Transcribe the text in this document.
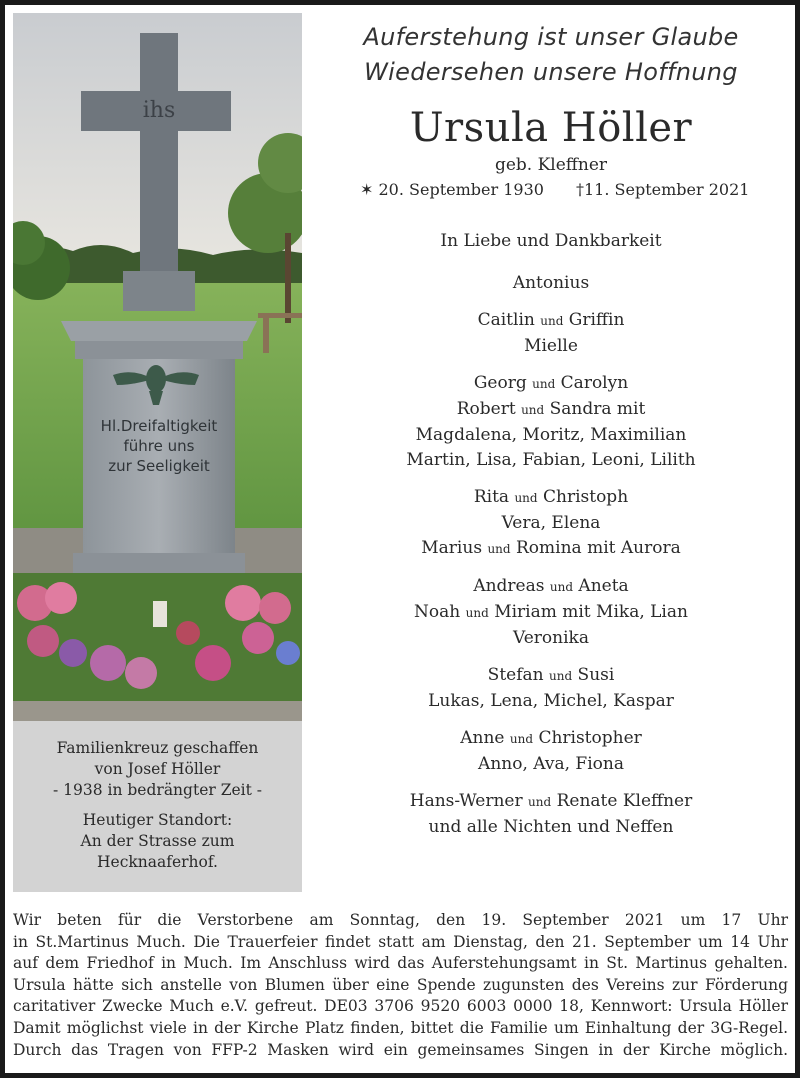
ihs
Hl.Dreifaltigkeit
führe uns
zur Seeligkeit
Familienkreuz geschaffen
von Josef Höller
- 1938 in bedrängter Zeit -
Heutiger Standort:
An der Strasse zum
Hecknaaferhof.
Auferstehung ist unser Glaube
Wiedersehen unsere Hoffnung
Ursula Höller
geb. Kleffner
✶ 20. September 1930 †11. September 2021
In Liebe und Dankbarkeit
Antonius
Caitlin und Griffin
Mielle
Georg und Carolyn
Robert und Sandra mit
Magdalena, Moritz, Maximilian
Martin, Lisa, Fabian, Leoni, Lilith
Rita und Christoph
Vera, Elena
Marius und Romina mit Aurora
Andreas und Aneta
Noah und Miriam mit Mika, Lian
Veronika
Stefan und Susi
Lukas, Lena, Michel, Kaspar
Anne und Christopher
Anno, Ava, Fiona
Hans-Werner und Renate Kleffner
und alle Nichten und Neffen
Wir beten für die Verstorbene am Sonntag, den 19. September 2021 um 17 Uhr
in St.Martinus Much. Die Trauerfeier findet statt am Dienstag, den 21. September um 14 Uhr
auf dem Friedhof in Much. Im Anschluss wird das Auferstehungsamt in St. Martinus gehalten.
Ursula hätte sich anstelle von Blumen über eine Spende zugunsten des Vereins zur Förderung
caritativer Zwecke Much e.V. gefreut. DE03 3706 9520 6003 0000 18, Kennwort: Ursula Höller
Damit möglichst viele in der Kirche Platz finden, bittet die Familie um Einhaltung der 3G-Regel.
Durch das Tragen von FFP-2 Masken wird ein gemeinsames Singen in der Kirche möglich.
